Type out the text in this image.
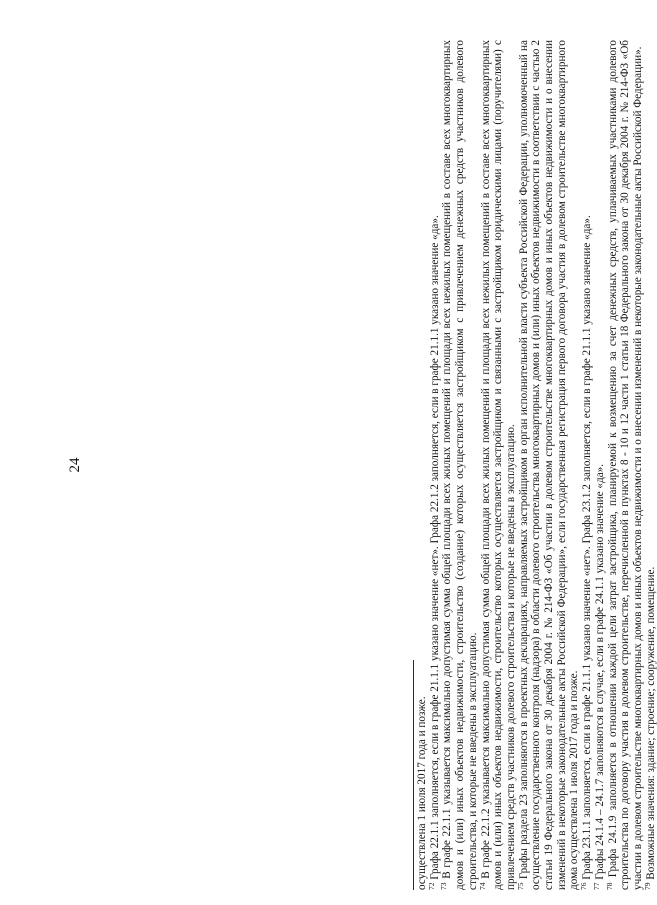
24

осуществлена 1 июля 2017 года и позже.

$^{72}$ Графа 22.1.1 заполняется, если в графе 21.1.1 указано значение «нет». Графа 22.1.2 заполняется, если в графе 21.1.1 указано значение «да».

$^{73}$ В графе 22.1.1 указывается максимально допустимая сумма общей площади всех жилых помещений и площади всех нежилых помещений в составе всех многоквартирных домов и (или) иных объектов недвижимости, строительство (создание) которых осуществляется застройщиком с привлечением денежных средств участников долевого строительства, и которые не введены в эксплуатацию.

$^{74}$ В графе 22.1.2 указывается максимально допустимая сумма общей площади всех жилых помещений и площади всех нежилых помещений в составе всех многоквартирных домов и (или) иных объектов недвижимости, строительство которых осуществляется застройщиком и связанными с застройщиком юридическими лицами (поручителями) с привлечением средств участников долевого строительства и которые не введены в эксплуатацию.

$^{75}$ Графы раздела 23 заполняются в проектных декларациях, направляемых застройщиком в орган исполнительной власти субъекта Российской Федерации, уполномоченный на осуществление государственного контроля (надзора) в области долевого строительства многоквартирных домов и (или) иных объектов недвижимости в соответствии с частью 2 статьи 19 Федерального закона от 30 декабря 2004 г. № 214-ФЗ «Об участии в долевом строительстве многоквартирных домов и иных объектов недвижимости и о внесении изменений в некоторые законодательные акты Российской Федерации», если государственная регистрация первого договора участия в долевом строительстве многоквартирного дома осуществлена 1 июля 2017 года и позже.

$^{76}$ Графа 23.1.1 заполняется, если в графе 21.1.1 указано значение «нет». Графа 23.1.2 заполняется, если в графе 21.1.1 указано значение «да».

$^{77}$ Графы 24.1.4 – 24.1.7 заполняются в случае, если в графе 24.1.1 указано значение «да».

$^{78}$ Графа 24.1.9 заполняется в отношении каждой цели затрат застройщика, планируемой к возмещению за счет денежных средств, уплачиваемых участниками долевого строительства по договору участия в долевом строительстве, перечисленной в пунктах 8 - 10 и 12 части 1 статьи 18 Федерального закона от 30 декабря 2004 г. № 214-ФЗ «Об участии в долевом строительстве многоквартирных домов и иных объектов недвижимости и о внесении изменений в некоторые законодательные акты Российской Федерации».

$^{79}$ Возможные значения: здание; строение; сооружение, помещение.
